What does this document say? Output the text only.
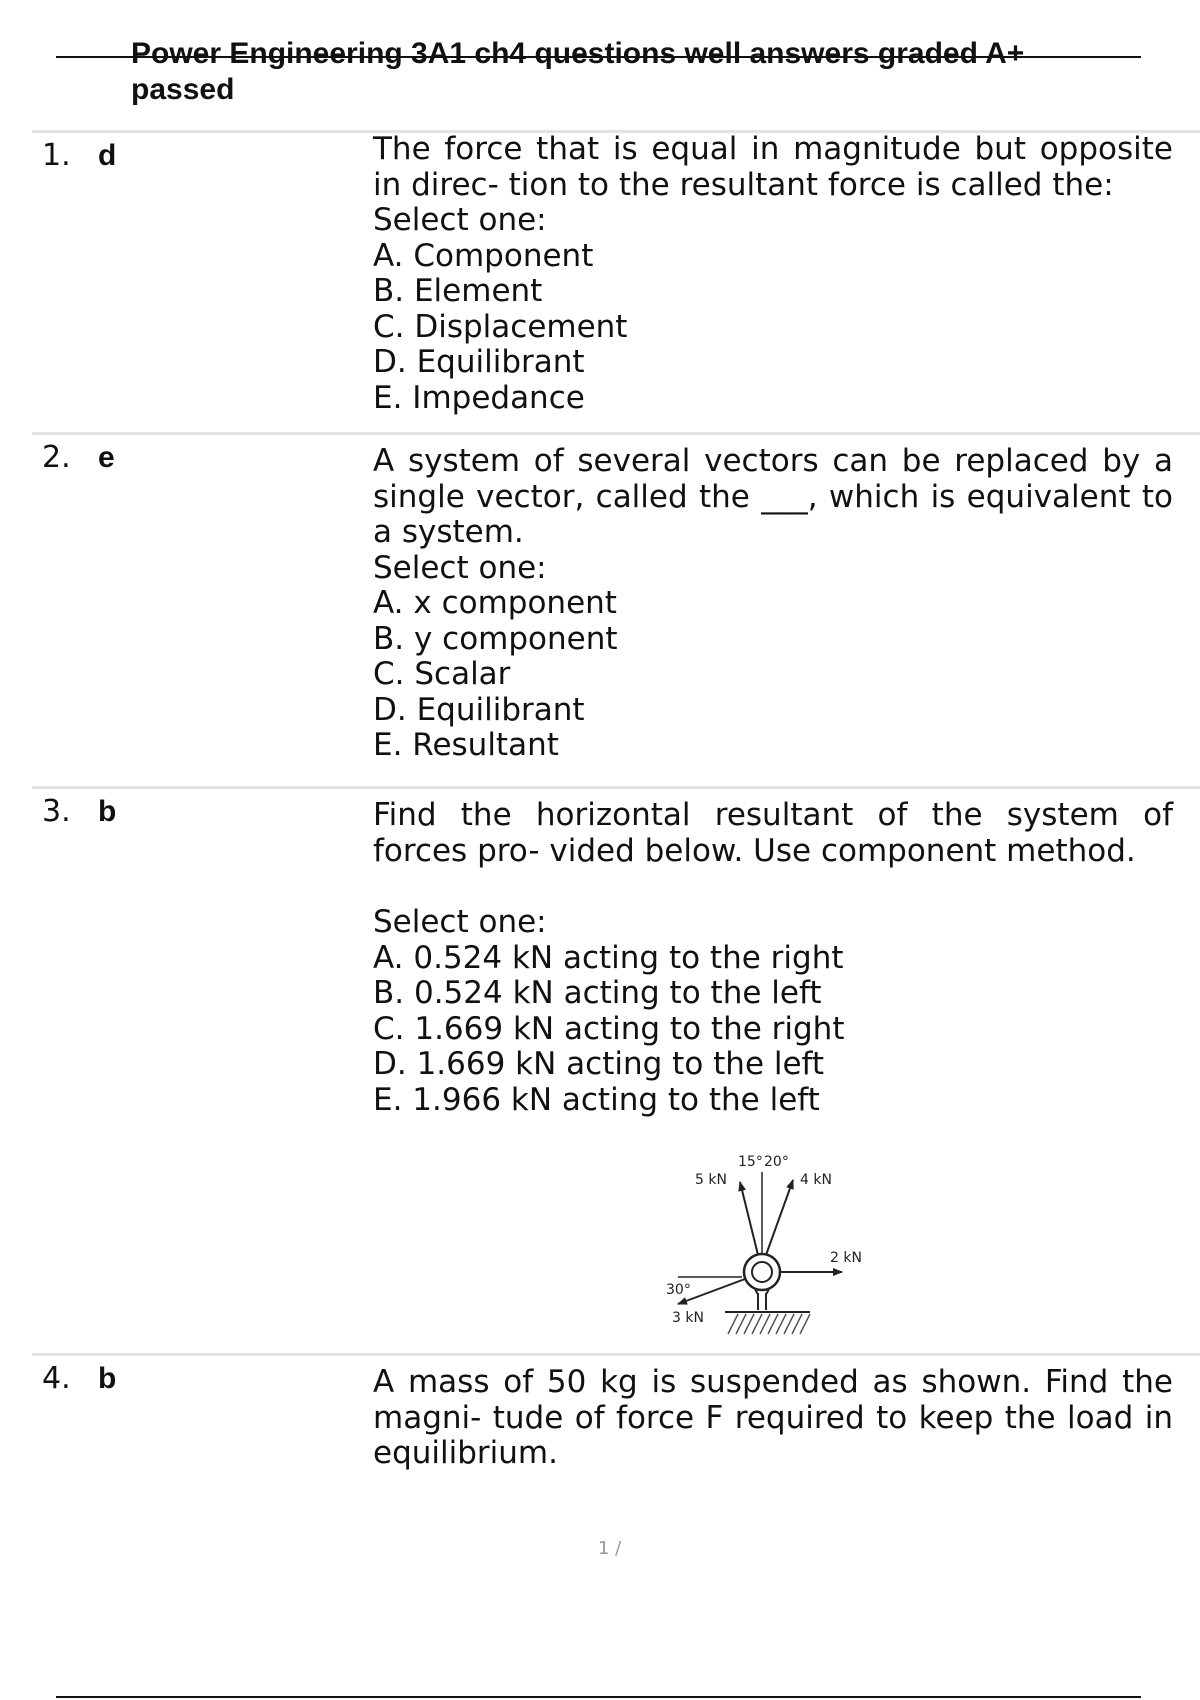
Power Engineering 3A1 ch4 questions well answers graded A+ passed
1. d	The force that is equal in magnitude but opposite in direc- tion to the resultant force is called the:
Select one:
A. Component
B. Element
C. Displacement
D. Equilibrant
E. Impedance
2. e	A system of several vectors can be replaced by a single vector, called the ___, which is equivalent to a system.
Select one:
A. x component
B. y component
C. Scalar
D. Equilibrant
E. Resultant
3. b	Find the horizontal resultant of the system of forces pro- vided below. Use component method.
Select one:
A. 0.524 kN acting to the right
B. 0.524 kN acting to the left
C. 1.669 kN acting to the right
D. 1.669 kN acting to the left
E. 1.966 kN acting to the left
5 kN
15° 20°
4 kN
2 kN
30°
3 kN
4. b	A mass of 50 kg is suspended as shown. Find the magni- tude of force F required to keep the load in equilibrium.
1 /
